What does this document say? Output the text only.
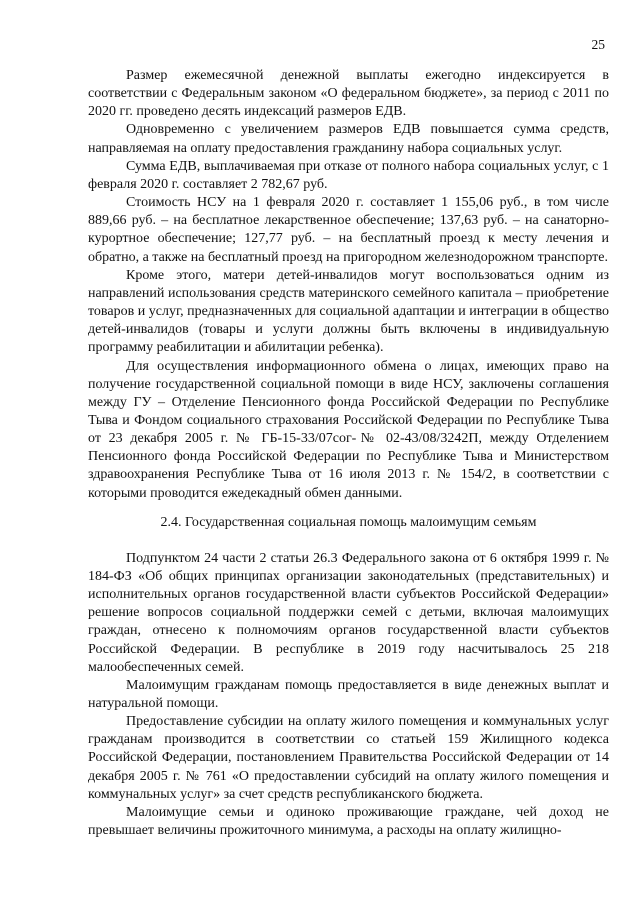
25

Размер ежемесячной денежной выплаты ежегодно индексируется в соответствии с Федеральным законом «О федеральном бюджете», за период с 2011 по 2020 гг. проведено десять индексаций размеров ЕДВ.

Одновременно с увеличением размеров ЕДВ повышается сумма средств, направляемая на оплату предоставления гражданину набора социальных услуг.

Сумма ЕДВ, выплачиваемая при отказе от полного набора социальных услуг, с 1 февраля 2020 г. составляет 2 782,67 руб.

Стоимость НСУ на 1 февраля 2020 г. составляет 1 155,06 руб., в том числе 889,66 руб. – на бесплатное лекарственное обеспечение; 137,63 руб. – на санаторно-курортное обеспечение; 127,77 руб. – на бесплатный проезд к месту лечения и обратно, а также на бесплатный проезд на пригородном железнодорожном транспорте.

Кроме этого, матери детей-инвалидов могут воспользоваться одним из направлений использования средств материнского семейного капитала – приобретение товаров и услуг, предназначенных для социальной адаптации и интеграции в общество детей-инвалидов (товары и услуги должны быть включены в индивидуальную программу реабилитации и абилитации ребенка).

Для осуществления информационного обмена о лицах, имеющих право на получение государственной социальной помощи в виде НСУ, заключены соглашения между ГУ – Отделение Пенсионного фонда Российской Федерации по Республике Тыва и Фондом социального страхования Российской Федерации по Республике Тыва от 23 декабря 2005 г. № ГБ-15-33/07сог-№ 02-43/08/3242П, между Отделением Пенсионного фонда Российской Федерации по Республике Тыва и Министерством здравоохранения Республике Тыва от 16 июля 2013 г. № 154/2, в соответствии с которыми проводится ежедекадный обмен данными.

2.4. Государственная социальная помощь малоимущим семьям

Подпунктом 24 части 2 статьи 26.3 Федерального закона от 6 октября 1999 г. № 184-ФЗ «Об общих принципах организации законодательных (представительных) и исполнительных органов государственной власти субъектов Российской Федерации» решение вопросов социальной поддержки семей с детьми, включая малоимущих граждан, отнесено к полномочиям органов государственной власти субъектов Российской Федерации. В республике в 2019 году насчитывалось 25 218 малообеспеченных семей.

Малоимущим гражданам помощь предоставляется в виде денежных выплат и натуральной помощи.

Предоставление субсидии на оплату жилого помещения и коммунальных услуг гражданам производится в соответствии со статьей 159 Жилищного кодекса Российской Федерации, постановлением Правительства Российской Федерации от 14 декабря 2005 г. № 761 «О предоставлении субсидий на оплату жилого помещения и коммунальных услуг» за счет средств республиканского бюджета.

Малоимущие семьи и одиноко проживающие граждане, чей доход не превышает величины прожиточного минимума, а расходы на оплату жилищно-
